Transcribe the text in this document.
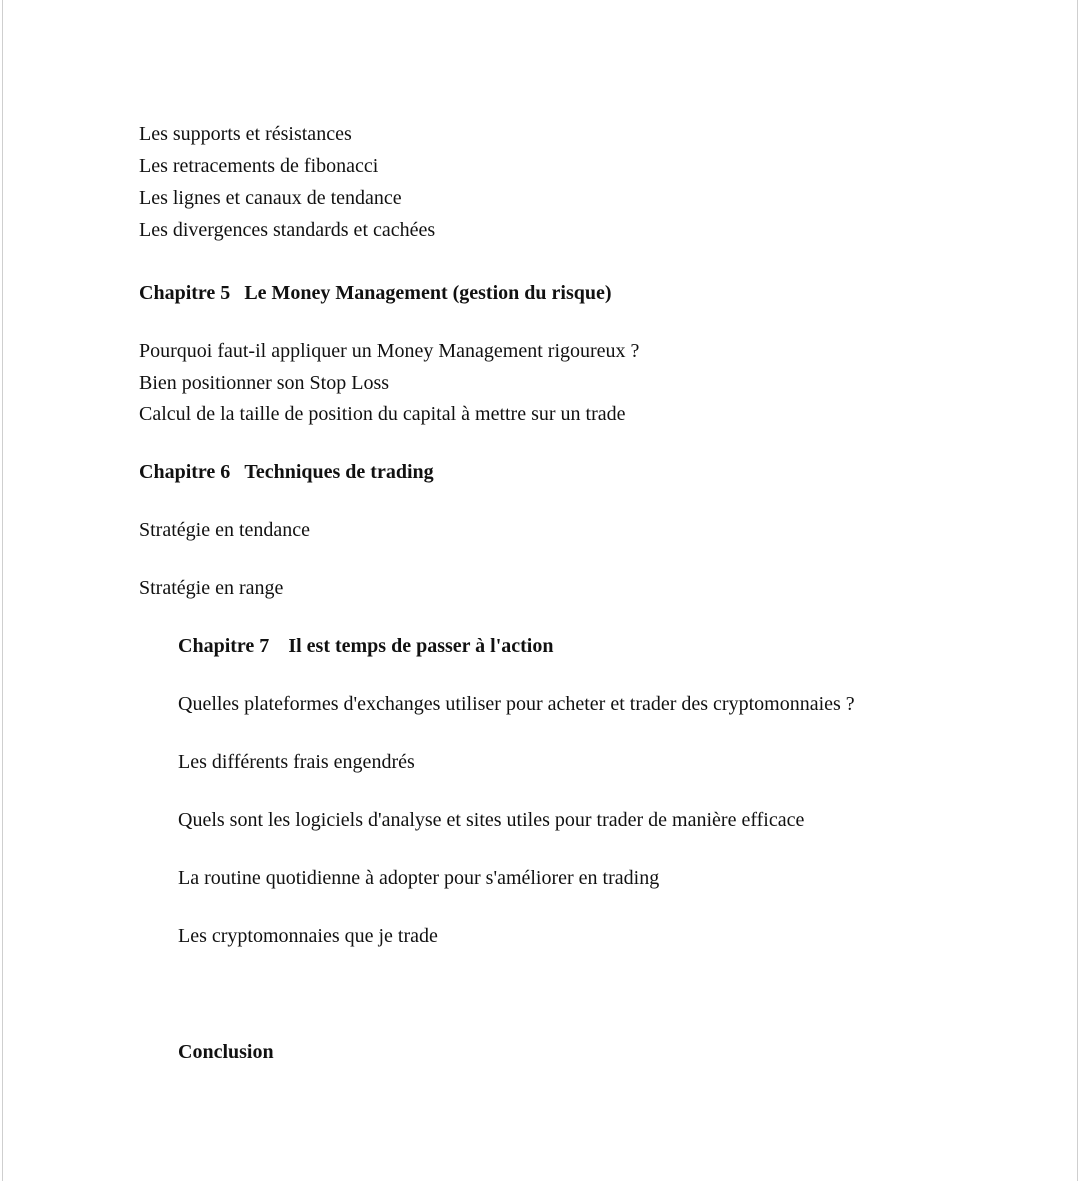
Les supports et résistances
Les retracements de fibonacci
Les lignes et canaux de tendance
Les divergences standards et cachées
Chapitre 5 Le Money Management (gestion du risque)
Pourquoi faut-il appliquer un Money Management rigoureux ?
Bien positionner son Stop Loss
Calcul de la taille de position du capital à mettre sur un trade
Chapitre 6 Techniques de trading
Stratégie en tendance
Stratégie en range
Chapitre 7 Il est temps de passer à l'action
Quelles plateformes d'exchanges utiliser pour acheter et trader des cryptomonnaies ?
Les différents frais engendrés
Quels sont les logiciels d'analyse et sites utiles pour trader de manière efficace
La routine quotidienne à adopter pour s'améliorer en trading
Les cryptomonnaies que je trade
Conclusion
